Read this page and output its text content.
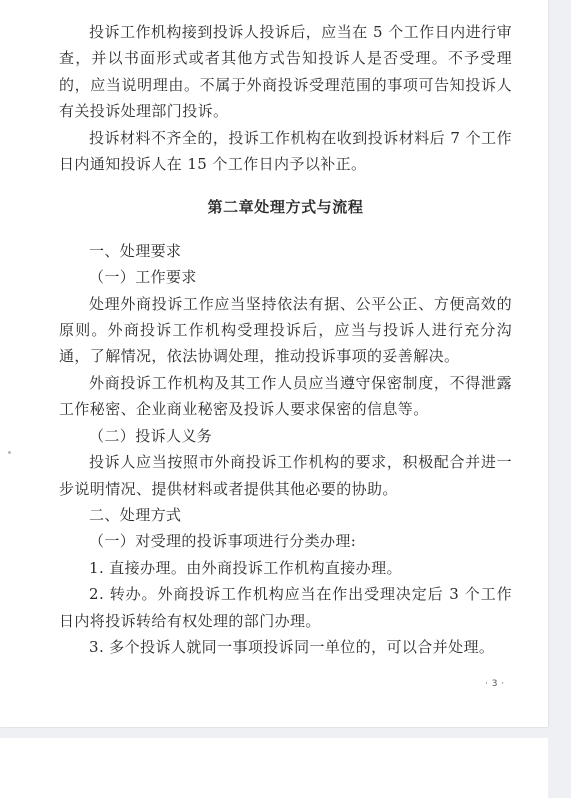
投诉工作机构接到投诉人投诉后，应当在 5 个工作日内进行审查，并以书面形式或者其他方式告知投诉人是否受理。不予受理的，应当说明理由。不属于外商投诉受理范围的事项可告知投诉人有关投诉处理部门投诉。

投诉材料不齐全的，投诉工作机构在收到投诉材料后 7 个工作日内通知投诉人在 15 个工作日内予以补正。

第二章处理方式与流程

一、处理要求

（一）工作要求

处理外商投诉工作应当坚持依法有据、公平公正、方便高效的原则。外商投诉工作机构受理投诉后，应当与投诉人进行充分沟通，了解情况，依法协调处理，推动投诉事项的妥善解决。

外商投诉工作机构及其工作人员应当遵守保密制度，不得泄露工作秘密、企业商业秘密及投诉人要求保密的信息等。

（二）投诉人义务

投诉人应当按照市外商投诉工作机构的要求，积极配合并进一步说明情况、提供材料或者提供其他必要的协助。

二、处理方式

（一）对受理的投诉事项进行分类办理:

1. 直接办理。由外商投诉工作机构直接办理。

2. 转办。外商投诉工作机构应当在作出受理决定后 3 个工作日内将投诉转给有权处理的部门办理。

3. 多个投诉人就同一事项投诉同一单位的，可以合并处理。

· 3 ·
